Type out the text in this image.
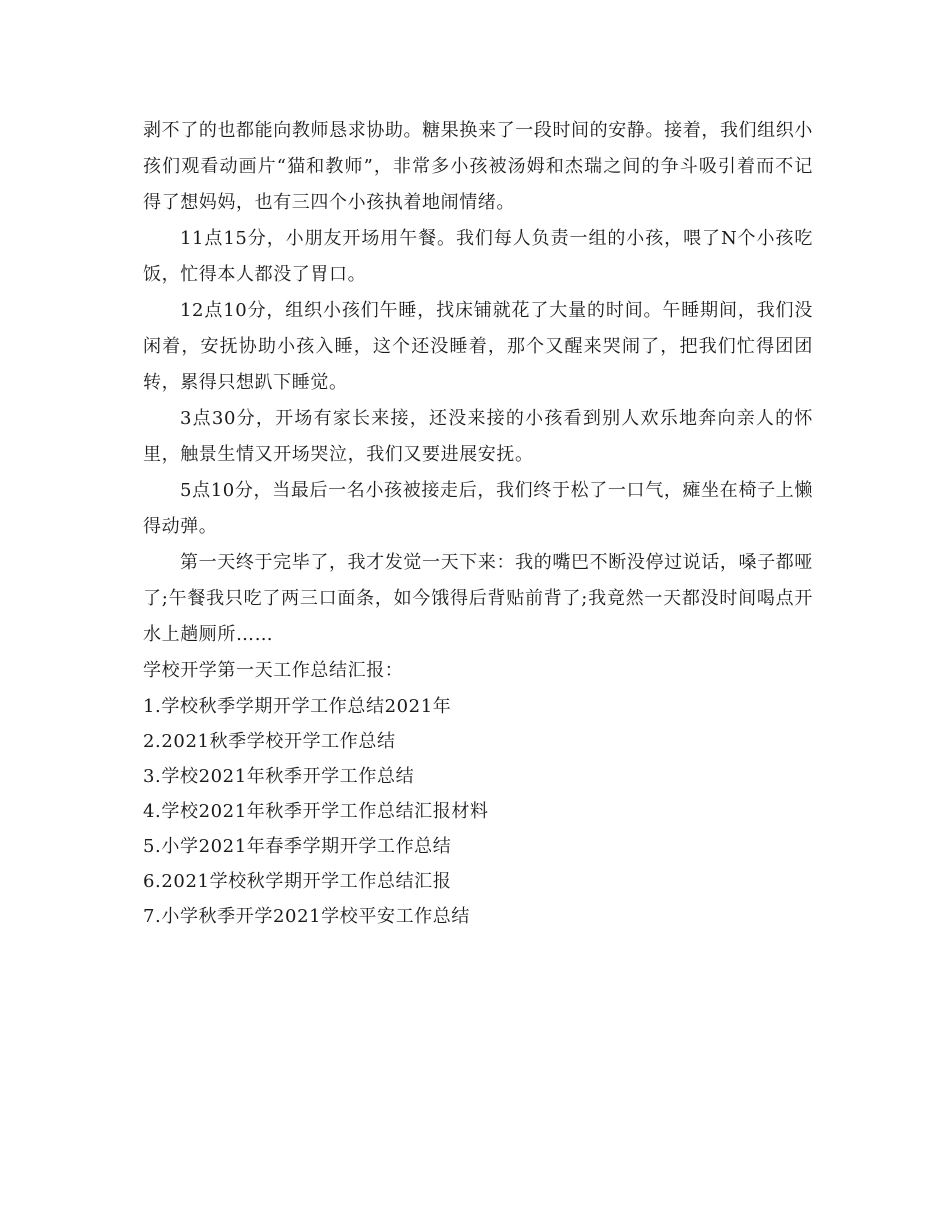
剥不了的也都能向教师恳求协助。糖果换来了一段时间的安静。接着，我们组织小孩们观看动画片“猫和教师”，非常多小孩被汤姆和杰瑞之间的争斗吸引着而不记得了想妈妈，也有三四个小孩执着地闹情绪。

11点15分，小朋友开场用午餐。我们每人负责一组的小孩，喂了N个小孩吃饭，忙得本人都没了胃口。

12点10分，组织小孩们午睡，找床铺就花了大量的时间。午睡期间，我们没闲着，安抚协助小孩入睡，这个还没睡着，那个又醒来哭闹了，把我们忙得团团转，累得只想趴下睡觉。

3点30分，开场有家长来接，还没来接的小孩看到别人欢乐地奔向亲人的怀里，触景生情又开场哭泣，我们又要进展安抚。

5点10分，当最后一名小孩被接走后，我们终于松了一口气，瘫坐在椅子上懒得动弹。

第一天终于完毕了，我才发觉一天下来：我的嘴巴不断没停过说话，嗓子都哑了;午餐我只吃了两三口面条，如今饿得后背贴前背了;我竟然一天都没时间喝点开水上趟厕所……

学校开学第一天工作总结汇报：

1.学校秋季学期开学工作总结2021年
2.2021秋季学校开学工作总结
3.学校2021年秋季开学工作总结
4.学校2021年秋季开学工作总结汇报材料
5.小学2021年春季学期开学工作总结
6.2021学校秋学期开学工作总结汇报
7.小学秋季开学2021学校平安工作总结
